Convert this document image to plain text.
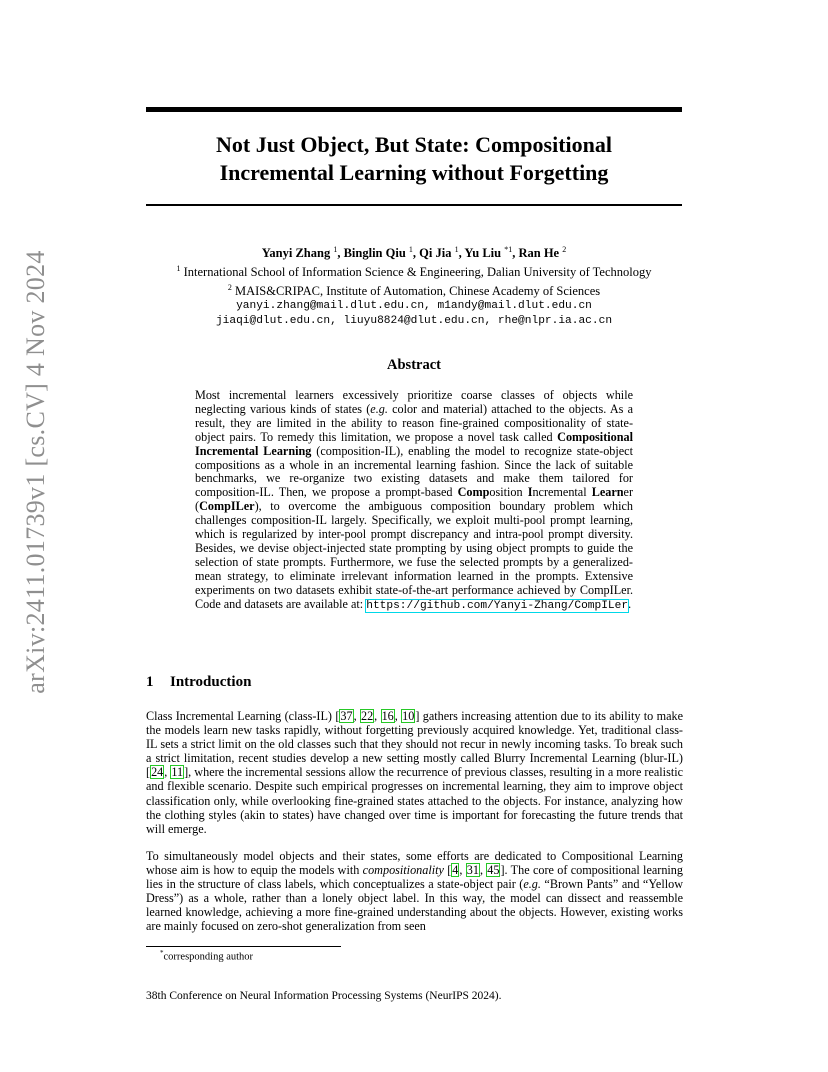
arXiv:2411.01739v1 [cs.CV] 4 Nov 2024
Not Just Object, But State: Compositional
Incremental Learning without Forgetting
Yanyi Zhang $^1$, Binglin Qiu $^1$, Qi Jia $^1$, Yu Liu $^{*1}$, Ran He $^2$
$^1$ International School of Information Science & Engineering, Dalian University of Technology
$^2$ MAIS&CRIPAC, Institute of Automation, Chinese Academy of Sciences
yanyi.zhang@mail.dlut.edu.cn, m1andy@mail.dlut.edu.cn
jiaqi@dlut.edu.cn, liuyu8824@dlut.edu.cn, rhe@nlpr.ia.ac.cn
Abstract
Most incremental learners excessively prioritize coarse classes of objects while neglecting various kinds of states (e.g. color and material) attached to the objects. As a result, they are limited in the ability to reason fine-grained compositionality of state-object pairs. To remedy this limitation, we propose a novel task called Compositional Incremental Learning (composition-IL), enabling the model to recognize state-object compositions as a whole in an incremental learning fashion. Since the lack of suitable benchmarks, we re-organize two existing datasets and make them tailored for composition-IL. Then, we propose a prompt-based Composition Incremental Learner (CompILer), to overcome the ambiguous composition boundary problem which challenges composition-IL largely. Specifically, we exploit multi-pool prompt learning, which is regularized by inter-pool prompt discrepancy and intra-pool prompt diversity. Besides, we devise object-injected state prompting by using object prompts to guide the selection of state prompts. Furthermore, we fuse the selected prompts by a generalized-mean strategy, to eliminate irrelevant information learned in the prompts. Extensive experiments on two datasets exhibit state-of-the-art performance achieved by CompILer. Code and datasets are available at: https://github.com/Yanyi-Zhang/CompILer.
1 Introduction

Class Incremental Learning (class-IL) [37, 22, 16, 10] gathers increasing attention due to its ability to make the models learn new tasks rapidly, without forgetting previously acquired knowledge. Yet, traditional class-IL sets a strict limit on the old classes such that they should not recur in newly incoming tasks. To break such a strict limitation, recent studies develop a new setting mostly called Blurry Incremental Learning (blur-IL) [24, 11], where the incremental sessions allow the recurrence of previous classes, resulting in a more realistic and flexible scenario. Despite such empirical progresses on incremental learning, they aim to improve object classification only, while overlooking fine-grained states attached to the objects. For instance, analyzing how the clothing styles (akin to states) have changed over time is important for forecasting the future trends that will emerge.

To simultaneously model objects and their states, some efforts are dedicated to Compositional Learning whose aim is how to equip the models with compositionality [4, 31, 45]. The core of compositional learning lies in the structure of class labels, which conceptualizes a state-object pair (e.g. “Brown Pants” and “Yellow Dress”) as a whole, rather than a lonely object label. In this way, the model can dissect and reassemble learned knowledge, achieving a more fine-grained understanding about the objects. However, existing works are mainly focused on zero-shot generalization from seen

*corresponding author
38th Conference on Neural Information Processing Systems (NeurIPS 2024).
